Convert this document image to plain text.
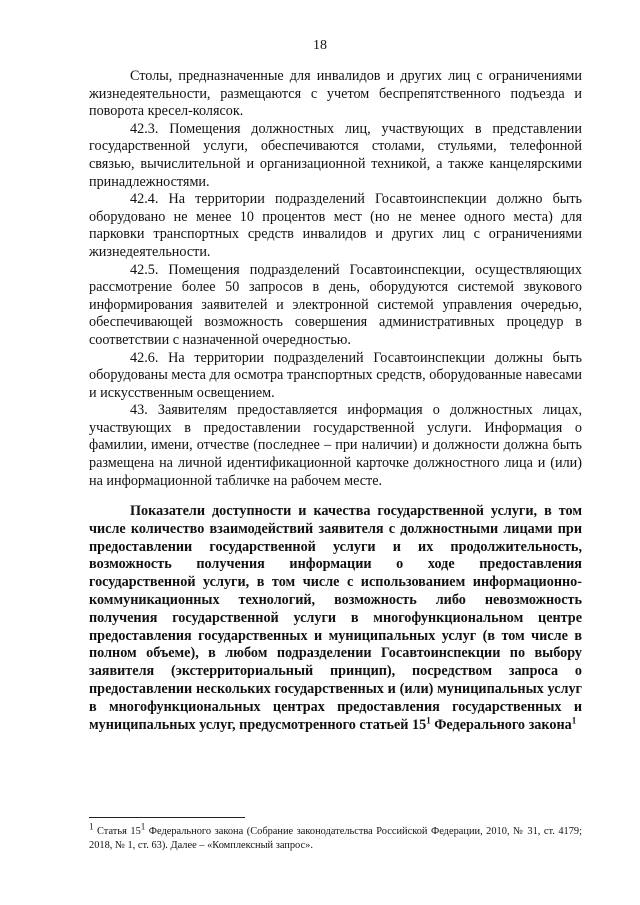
18

Столы, предназначенные для инвалидов и других лиц с ограничениями жизнедеятельности, размещаются с учетом беспрепятственного подъезда и поворота кресел-колясок.

42.3. Помещения должностных лиц, участвующих в представлении государственной услуги, обеспечиваются столами, стульями, телефонной связью, вычислительной и организационной техникой, а также канцелярскими принадлежностями.

42.4. На территории подразделений Госавтоинспекции должно быть оборудовано не менее 10 процентов мест (но не менее одного места) для парковки транспортных средств инвалидов и других лиц с ограничениями жизнедеятельности.

42.5. Помещения подразделений Госавтоинспекции, осуществляющих рассмотрение более 50 запросов в день, оборудуются системой звукового информирования заявителей и электронной системой управления очередью, обеспечивающей возможность совершения административных процедур в соответствии с назначенной очередностью.

42.6. На территории подразделений Госавтоинспекции должны быть оборудованы места для осмотра транспортных средств, оборудованные навесами и искусственным освещением.

43. Заявителям предоставляется информация о должностных лицах, участвующих в предоставлении государственной услуги. Информация о фамилии, имени, отчестве (последнее – при наличии) и должности должна быть размещена на личной идентификационной карточке должностного лица и (или) на информационной табличке на рабочем месте.

Показатели доступности и качества государственной услуги, в том числе количество взаимодействий заявителя с должностными лицами при предоставлении государственной услуги и их продолжительность, возможность получения информации о ходе предоставления государственной услуги, в том числе с использованием информационно-коммуникационных технологий, возможность либо невозможность получения государственной услуги в многофункциональном центре предоставления государственных и муниципальных услуг (в том числе в полном объеме), в любом подразделении Госавтоинспекции по выбору заявителя (экстерриториальный принцип), посредством запроса о предоставлении нескольких государственных и (или) муниципальных услуг в многофункциональных центрах предоставления государственных и муниципальных услуг, предусмотренного статьей $15^1$ Федерального закона$^1$

$^1$ Статья $15^1$ Федерального закона (Собрание законодательства Российской Федерации, 2010, № 31, ст. 4179; 2018, № 1, ст. 63). Далее – «Комплексный запрос».
